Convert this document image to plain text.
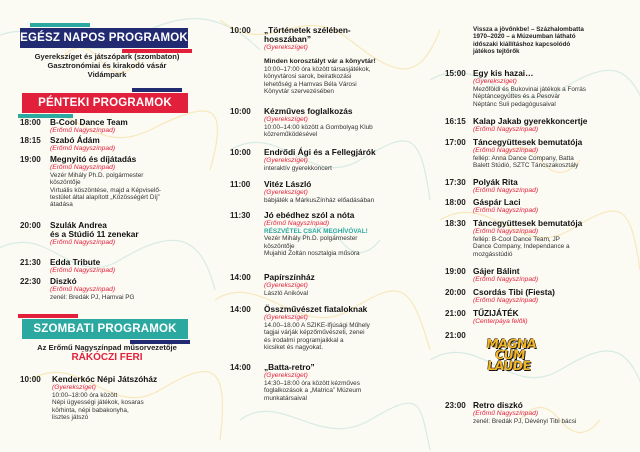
EGÉSZ NAPOS PROGRAMOK
Gyerekszíget és játszópark (szombaton)
Gasztronómiai és kirakodó vásár
Vidámpark
PÉNTEKI PROGRAMOK
18:00 B-Cool Dance Team
(Erőmű Nagyszínpad)
18:15 Szabó Ádám
(Erőmű Nagyszínpad)
19:00 Megnyitó és díjátadás
(Erőmű Nagyszínpad)
Vezér Mihály Ph.D. polgármester
köszöntője
Virtuális köszöntése, majd a Képviselő-
testület által alapított „Közösségért Díj”
átadása
20:00 Szulák Andrea
és a Stúdió 11 zenekar
(Erőmű Nagyszínpad)
21:30 Edda Tribute
(Erőmű Nagyszínpad)
22:30 Diszkó
(Erőmű Nagyszínpad)
zenél: Bredák PJ, Hamvai PG
SZOMBATI PROGRAMOK
Az Erőmű Nagyszínpad műsorvezetője
RÁKÓCZI FERI
10:00 Kenderkóc Népi Játszóház
(Gyerekszíget)
10:00–18:00 óra között
Népi ügyességi játékok, kosaras
körhinta, népi babakonyha,
lisztes játszó
10:00 „Történetek szélében-
hosszában”
(Gyerekszíget)
Minden korosztályt vár a könyvtár!
10:00–17:00 óra között társasjátékok,
könyvtárosi sarok, beiratkozási
lehetőség a Hamvas Béla Városi
Könyvtár szervezésében
10:00 Kézműves foglalkozás
(Gyerekszíget)
10:00–14:00 között a Gombolyag Klub
közreműködésével
10:00 Endrődi Ági és a Fellegjárók
(Gyerekszíget)
interaktív gyerekkoncert
11:00 Vitéz László
(Gyerekszíget)
bábjáték a MárkusZínház előadásában
11:30 Jó ebédhez szól a nóta
(Erőmű Nagyszínpad)
RÉSZVÉTEL CSAK MEGHÍVÓVAL!
Vezér Mihály Ph.D. polgármester
köszöntője
Mujahid Zoltán nosztalgia műsora
14:00 Papírszínház
(Gyerekszíget)
László Anikóval
14:00 Összművészet fiataloknak
(Gyerekszíget)
14.00–18.00 A SZIKE-Ifjúsági Műhely
tagjai várják képzőművészeti, zenei
és irodalmi programjaikkal a
kicsiket és nagyokat.
14:00 „Batta-retro”
(Gyerekszíget)
14:30–18:00 óra között kézműves
foglalkozások a „Matrica” Múzeum
munkatársaival
Vissza a jövőnkbe! – Százhalombatta
1970–2020 – a Múzeumban látható
időszaki kiállításhoz kapcsolódó
játékos tejtörők
15:00 Egy kis hazai…
(Gyerekszíget)
Mezőföldi és Bukovinai játékok a Forrás
Néptáncegyüttes és a Pesovár
Néptánc Suli pedagógusaival
16:15 Kalap Jakab gyerekkoncertje
(Erőmű Nagyszínpad)
17:00 Táncegyüttesek bemutatója
(Erőmű Nagyszínpad)
fellép: Anna Dance Company, Batta
Balett Stúdió, SZTC Táncszakosztály
17:30 Polyák Rita
(Erőmű Nagyszínpad)
18:00 Gáspár Laci
(Erőmű Nagyszínpad)
18:30 Táncegyüttesek bemutatója
(Erőmű Nagyszínpad)
fellép: B-Cool Dance Team, JP
Dance Company, Independance a
mozgásstúdió
19:00 Gájer Bálint
(Erőmű Nagyszínpad)
20:00 Csordás Tibi (Fiesta)
(Erőmű Nagyszínpad)
21:00 TŰZIJÁTÉK
(Centerpáya felőli)
21:00
MAGNA
CUM
LAUDE
23:00 Retro diszkó
(Erőmű Nagyszínpad)
zenél: Bredák PJ, Dévényi Tibi bácsi
